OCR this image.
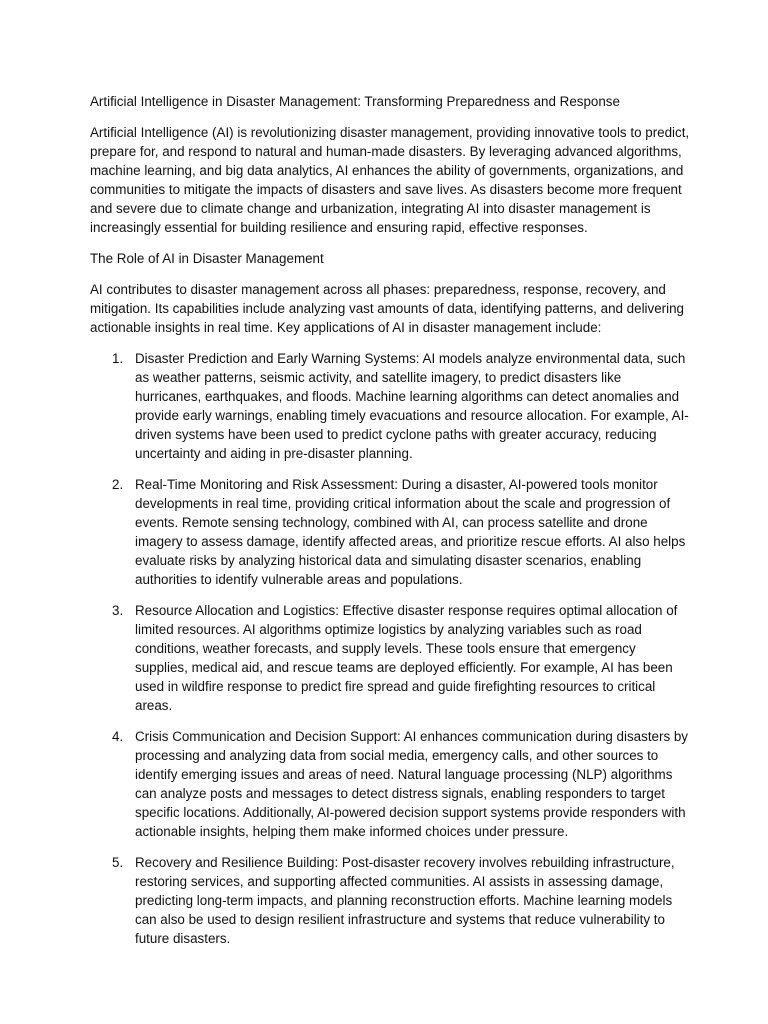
Artificial Intelligence in Disaster Management: Transforming Preparedness and Response

Artificial Intelligence (AI) is revolutionizing disaster management, providing innovative tools to predict, prepare for, and respond to natural and human-made disasters. By leveraging advanced algorithms, machine learning, and big data analytics, AI enhances the ability of governments, organizations, and communities to mitigate the impacts of disasters and save lives. As disasters become more frequent and severe due to climate change and urbanization, integrating AI into disaster management is increasingly essential for building resilience and ensuring rapid, effective responses.

The Role of AI in Disaster Management

AI contributes to disaster management across all phases: preparedness, response, recovery, and mitigation. Its capabilities include analyzing vast amounts of data, identifying patterns, and delivering actionable insights in real time. Key applications of AI in disaster management include:

1. Disaster Prediction and Early Warning Systems: AI models analyze environmental data, such as weather patterns, seismic activity, and satellite imagery, to predict disasters like hurricanes, earthquakes, and floods. Machine learning algorithms can detect anomalies and provide early warnings, enabling timely evacuations and resource allocation. For example, AI-driven systems have been used to predict cyclone paths with greater accuracy, reducing uncertainty and aiding in pre-disaster planning.
2. Real-Time Monitoring and Risk Assessment: During a disaster, AI-powered tools monitor developments in real time, providing critical information about the scale and progression of events. Remote sensing technology, combined with AI, can process satellite and drone imagery to assess damage, identify affected areas, and prioritize rescue efforts. AI also helps evaluate risks by analyzing historical data and simulating disaster scenarios, enabling authorities to identify vulnerable areas and populations.
3. Resource Allocation and Logistics: Effective disaster response requires optimal allocation of limited resources. AI algorithms optimize logistics by analyzing variables such as road conditions, weather forecasts, and supply levels. These tools ensure that emergency supplies, medical aid, and rescue teams are deployed efficiently. For example, AI has been used in wildfire response to predict fire spread and guide firefighting resources to critical areas.
4. Crisis Communication and Decision Support: AI enhances communication during disasters by processing and analyzing data from social media, emergency calls, and other sources to identify emerging issues and areas of need. Natural language processing (NLP) algorithms can analyze posts and messages to detect distress signals, enabling responders to target specific locations. Additionally, AI-powered decision support systems provide responders with actionable insights, helping them make informed choices under pressure.
5. Recovery and Resilience Building: Post-disaster recovery involves rebuilding infrastructure, restoring services, and supporting affected communities. AI assists in assessing damage, predicting long-term impacts, and planning reconstruction efforts. Machine learning models can also be used to design resilient infrastructure and systems that reduce vulnerability to future disasters.
